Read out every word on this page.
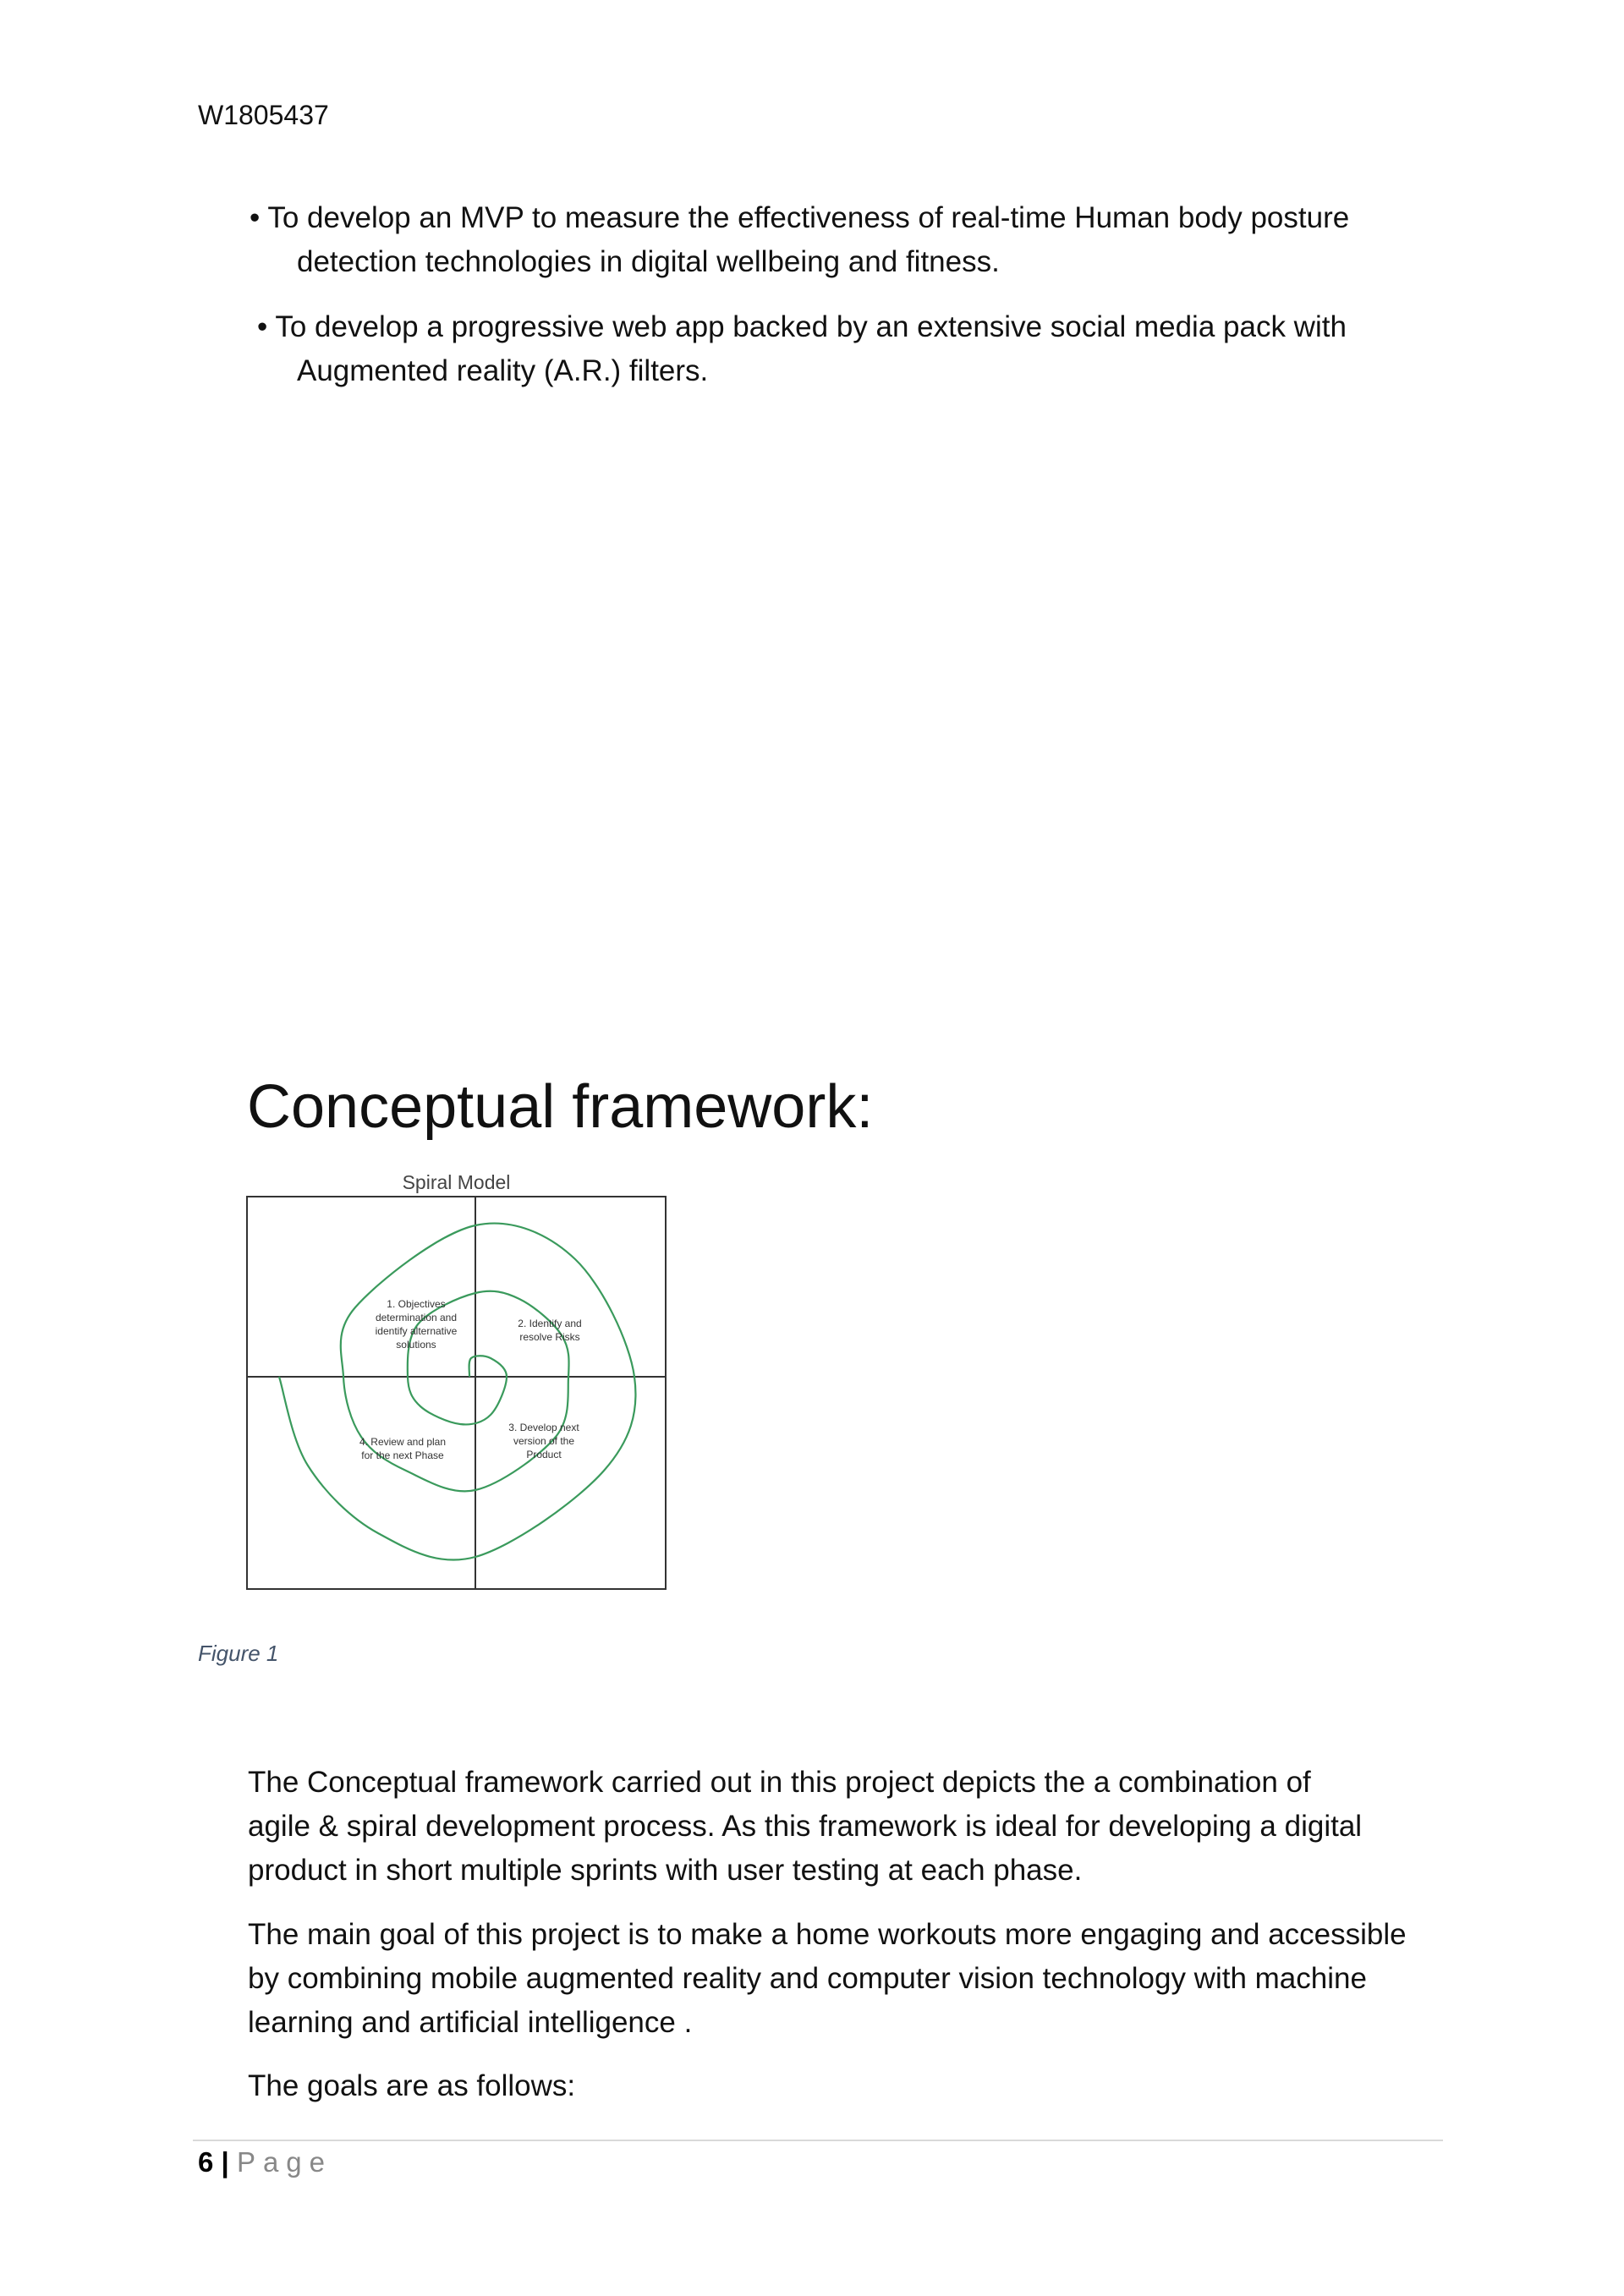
W1805437
• To develop an MVP to measure the effectiveness of real-time Human body posture
detection technologies in digital wellbeing and fitness.
• To develop a progressive web app backed by an extensive social media pack with
Augmented reality (A.R.) filters.
Conceptual framework:
Spiral Model
1. Objectives
determination and
identify alternative
solutions
2. Identify and
resolve Risks
3. Develop next
version of the
Product
4. Review and plan
for the next Phase
Figure 1
The Conceptual framework carried out in this project depicts the a combination of
agile & spiral development process. As this framework is ideal for developing a digital
product in short multiple sprints with user testing at each phase.
The main goal of this project is to make a home workouts more engaging and accessible
by combining mobile augmented reality and computer vision technology with machine
learning and artificial intelligence .
The goals are as follows:
6 | Page
